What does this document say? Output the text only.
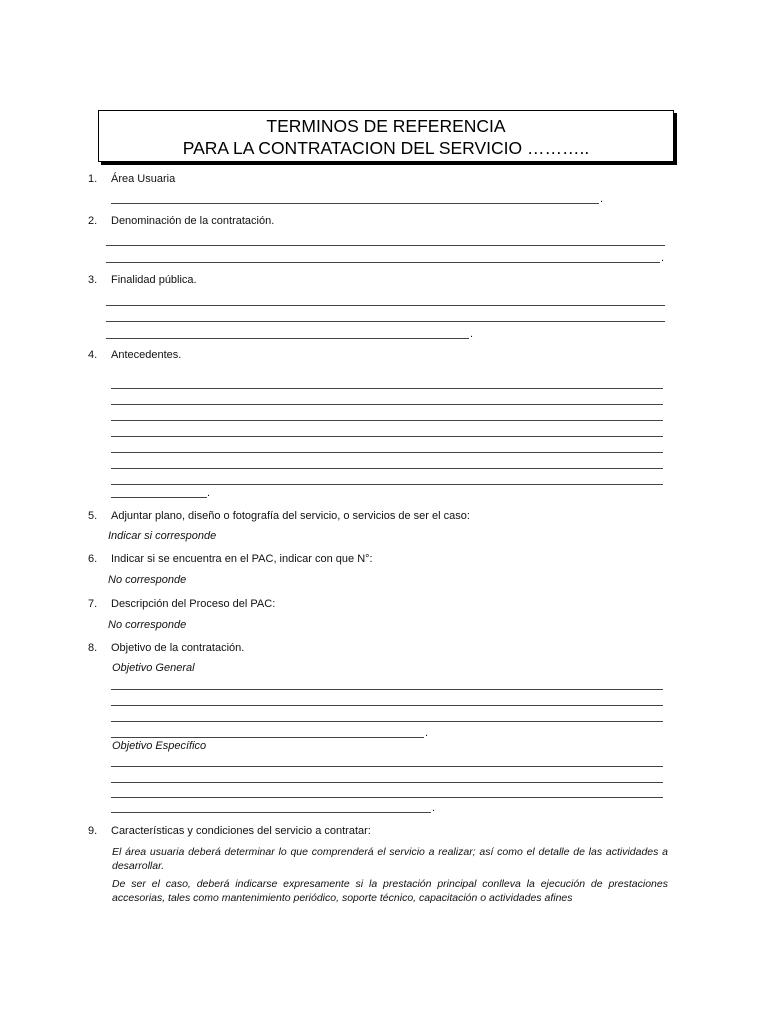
TERMINOS DE REFERENCIA
PARA LA CONTRATACION DEL SERVICIO ………..
1. Área Usuaria
.
2. Denominación de la contratación.
.
3. Finalidad pública.
.
4. Antecedentes.
.
5. Adjuntar plano, diseño o fotografía del servicio, o servicios de ser el caso:
Indicar si corresponde
6. Indicar si se encuentra en el PAC, indicar con que N°:
No corresponde
7. Descripción del Proceso del PAC:
No corresponde
8. Objetivo de la contratación.
Objetivo General
.
Objetivo Específico
.
9. Características y condiciones del servicio a contratar:
El área usuaria deberá determinar lo que comprenderá el servicio a realizar; así como el detalle de las actividades a desarrollar.
De ser el caso, deberá indicarse expresamente si la prestación principal conlleva la ejecución de prestaciones accesorias, tales como mantenimiento periódico, soporte técnico, capacitación o actividades afines
